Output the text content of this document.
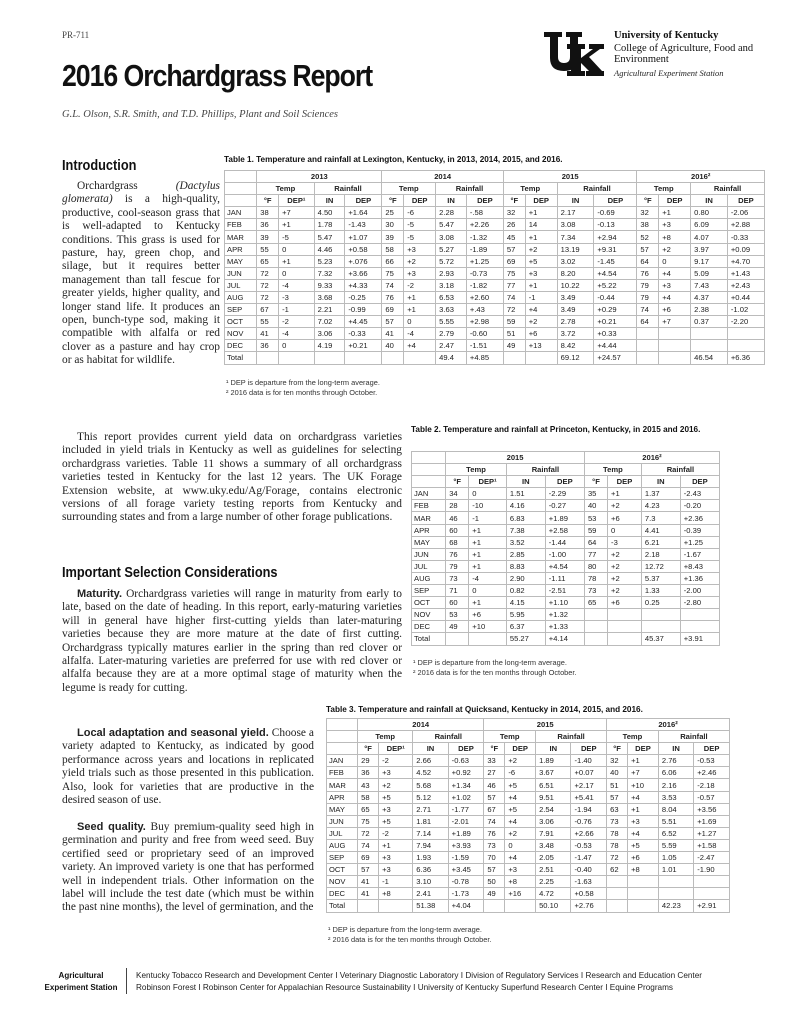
PR-711
2016 Orchardgrass Report
G.L. Olson, S.R. Smith, and T.D. Phillips, Plant and Soil Sciences
University of Kentucky
College of Agriculture, Food and Environment
Agricultural Experiment Station
Introduction

Orchardgrass (Dactylus glomerata) is a high-quality, productive, cool-season grass that is well-adapted to Kentucky conditions. This grass is used for pasture, hay, green chop, and silage, but it requires better management than tall fescue for greater yields, higher quality, and longer stand life. It produces an open, bunch-type sod, making it compatible with alfalfa or red clover as a pasture and hay crop or as habitat for wildlife.

This report provides current yield data on orchardgrass varieties included in yield trials in Kentucky as well as guidelines for selecting orchardgrass varieties. Table 11 shows a summary of all orchardgrass varieties tested in Kentucky for the last 12 years. The UK Forage Extension website, at www.uky.edu/Ag/Forage, contains electronic versions of all forage variety testing reports from Kentucky and surrounding states and from a large number of other forage publications.
Important Selection Considerations
Maturity. Orchardgrass varieties will range in maturity from early to late, based on the date of heading. In this report, early-maturing varieties will in general have higher first-cutting yields than later-maturing varieties because they are more mature at the date of first cutting. Orchardgrass typically matures earlier in the spring than red clover or alfalfa. Later-maturing varieties are preferred for use with red clover or alfalfa because they are at a more optimal stage of maturity when the legume is ready for cutting.
Local adaptation and seasonal yield. Choose a variety adapted to Kentucky, as indicated by good performance across years and locations in replicated yield trials such as those presented in this publication. Also, look for varieties that are productive in the desired season of use.
Seed quality. Buy premium-quality seed high in germination and purity and free from weed seed. Buy certified seed or proprietary seed of an improved variety. An improved variety is one that has performed well in independent trials. Other information on the label will include the test date (which must be within the past nine months), the level of germination, and the
Table 1. Temperature and rainfall at Lexington, Kentucky, in 2013, 2014, 2015, and 2016.
	2013				2014				2015				2016²			
	Temp		Rainfall		Temp		Rainfall		Temp		Rainfall		Temp		Rainfall	
	°F	DEP¹	IN	DEP	°F	DEP	IN	DEP	°F	DEP	IN	DEP	°F	DEP	IN	DEP
JAN	38	+7	4.50	+1.64	25	-6	2.28	-.58	32	+1	2.17	-0.69	32	+1	0.80	-2.06
FEB	36	+1	1.78	-1.43	30	-5	5.47	+2.26	26	14	3.08	-0.13	38	+3	6.09	+2.88
MAR	39	-5	5.47	+1.07	39	-5	3.08	-1.32	45	+1	7.34	+2.94	52	+8	4.07	-0.33
APR	55	0	4.46	+0.58	58	+3	5.27	-1.89	57	+2	13.19	+9.31	57	+2	3.97	+0.09
MAY	65	+1	5.23	+.076	66	+2	5.72	+1.25	69	+5	3.02	-1.45	64	0	9.17	+4.70
JUN	72	0	7.32	+3.66	75	+3	2.93	-0.73	75	+3	8.20	+4.54	76	+4	5.09	+1.43
JUL	72	-4	9.33	+4.33	74	-2	3.18	-1.82	77	+1	10.22	+5.22	79	+3	7.43	+2.43
AUG	72	-3	3.68	-0.25	76	+1	6.53	+2.60	74	-1	3.49	-0.44	79	+4	4.37	+0.44
SEP	67	-1	2.21	-0.99	69	+1	3.63	+.43	72	+4	3.49	+0.29	74	+6	2.38	-1.02
OCT	55	-2	7.02	+4.45	57	0	5.55	+2.98	59	+2	2.78	+0.21	64	+7	0.37	-2.20
NOV	41	-4	3.06	-0.33	41	-4	2.79	-0.60	51	+6	3.72	+0.33				
DEC	36	0	4.19	+0.21	40	+4	2.47	-1.51	49	+13	8.42	+4.44				
Total							49.4	+4.85			69.12	+24.57			46.54	+6.36
¹ DEP is departure from the long-term average.
² 2016 data is for ten months through October.
Table 2. Temperature and rainfall at Princeton, Kentucky, in 2015 and 2016.
	2015				2016²			
	Temp		Rainfall		Temp		Rainfall	
	°F	DEP¹	IN	DEP	°F	DEP	IN	DEP
JAN	34	0	1.51	-2.29	35	+1	1.37	-2.43
FEB	28	-10	4.16	-0.27	40	+2	4.23	-0.20
MAR	46	-1	6.83	+1.89	53	+6	7.3	+2.36
APR	60	+1	7.38	+2.58	59	0	4.41	-0.39
MAY	68	+1	3.52	-1.44	64	-3	6.21	+1.25
JUN	76	+1	2.85	-1.00	77	+2	2.18	-1.67
JUL	79	+1	8.83	+4.54	80	+2	12.72	+8.43
AUG	73	-4	2.90	-1.11	78	+2	5.37	+1.36
SEP	71	0	0.82	-2.51	73	+2	1.33	-2.00
OCT	60	+1	4.15	+1.10	65	+6	0.25	-2.80
NOV	53	+6	5.95	+1.32				
DEC	49	+10	6.37	+1.33				
Total			55.27	+4.14			45.37	+3.91
¹ DEP is departure from the long-term average.
² 2016 data is for the ten months through October.
Table 3. Temperature and rainfall at Quicksand, Kentucky in 2014, 2015, and 2016.
	2014				2015				2016²			
	Temp		Rainfall		Temp		Rainfall		Temp		Rainfall	
	°F	DEP¹	IN	DEP	°F	DEP	IN	DEP	°F	DEP	IN	DEP
JAN	29	-2	2.66	-0.63	33	+2	1.89	-1.40	32	+1	2.76	-0.53
FEB	36	+3	4.52	+0.92	27	-6	3.67	+0.07	40	+7	6.06	+2.46
MAR	43	+2	5.68	+1.34	46	+5	6.51	+2.17	51	+10	2.16	-2.18
APR	58	+5	5.12	+1.02	57	+4	9.51	+5.41	57	+4	3.53	-0.57
MAY	65	+3	2.71	-1.77	67	+5	2.54	-1.94	63	+1	8.04	+3.56
JUN	75	+5	1.81	-2.01	74	+4	3.06	-0.76	73	+3	5.51	+1.69
JUL	72	-2	7.14	+1.89	76	+2	7.91	+2.66	78	+4	6.52	+1.27
AUG	74	+1	7.94	+3.93	73	0	3.48	-0.53	78	+5	5.59	+1.58
SEP	69	+3	1.93	-1.59	70	+4	2.05	-1.47	72	+6	1.05	-2.47
OCT	57	+3	6.36	+3.45	57	+3	2.51	-0.40	62	+8	1.01	-1.90
NOV	41	-1	3.10	-0.78	50	+8	2.25	-1.63				
DEC	41	+8	2.41	-1.73	49	+16	4.72	+0.58				
Total			51.38	+4.04			50.10	+2.76			42.23	+2.91
¹ DEP is departure from the long-term average.
² 2016 data is for the ten months through October.
Agricultural
Experiment Station
Kentucky Tobacco Research and Development Center I Veterinary Diagnostic Laboratory I Division of Regulatory Services I Research and Education Center
Robinson Forest I Robinson Center for Appalachian Resource Sustainability I University of Kentucky Superfund Research Center I Equine Programs
